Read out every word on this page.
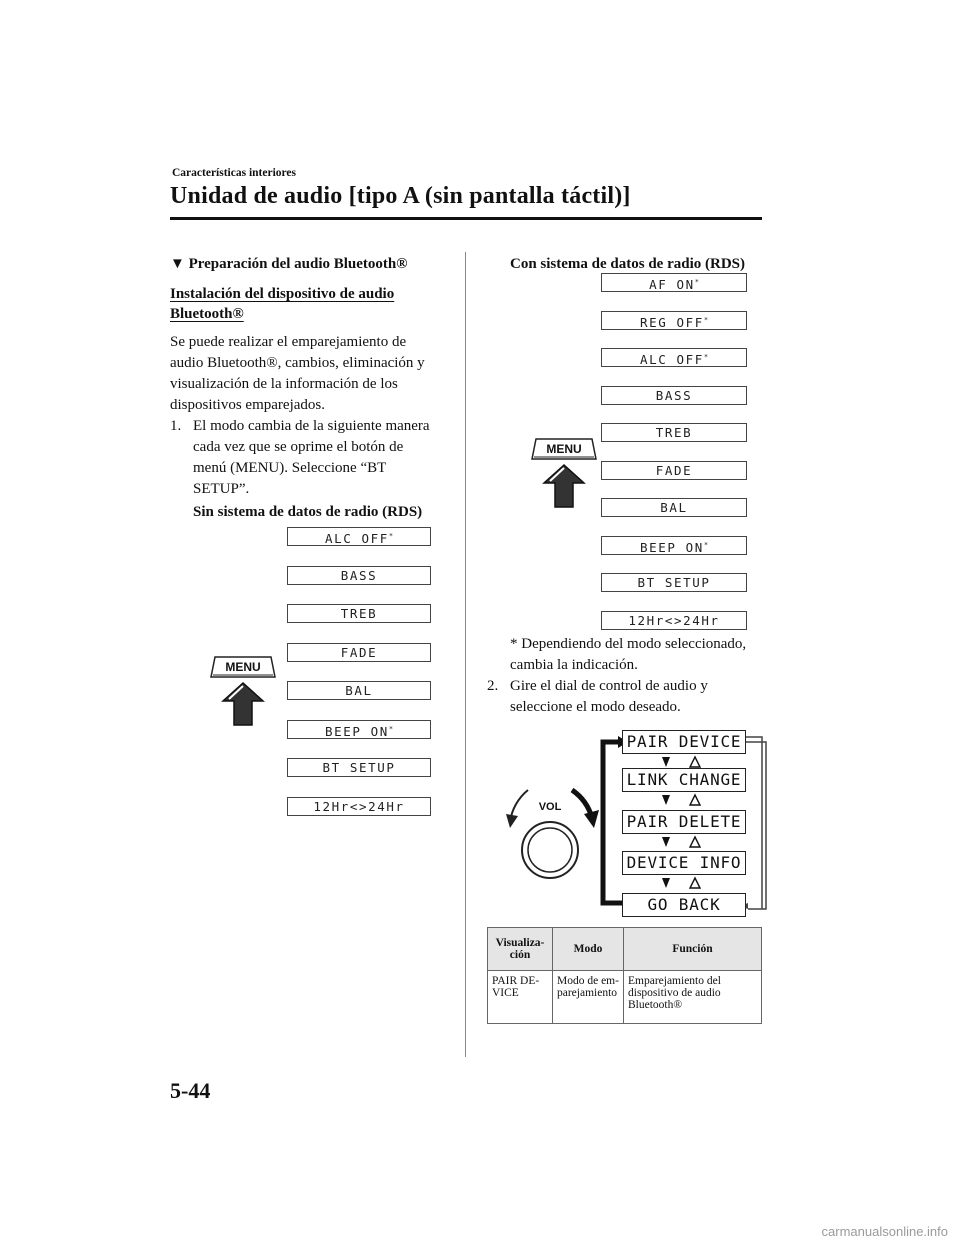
Características interiores
Unidad de audio [tipo A (sin pantalla táctil)]
▼ Preparación del audio Bluetooth®
Instalación del dispositivo de audio
Bluetooth®
Se puede realizar el emparejamiento de
audio Bluetooth®, cambios, eliminación y
visualización de la información de los
dispositivos emparejados.
1. El modo cambia de la siguiente manera
cada vez que se oprime el botón de
menú (MENU). Seleccione “BT
SETUP”.
Sin sistema de datos de radio (RDS)
MENU
Con sistema de datos de radio (RDS)
MENU
* Dependiendo del modo seleccionado,
cambia la indicación.
2. Gire el dial de control de audio y
seleccione el modo deseado.
VOL
Visualiza-ción	Modo	Función
PAIR DE-VICE	Modo de em-parejamiento	Emparejamiento del dispositivo de audio Bluetooth®
5-44
carmanualsonline.info
ALC OFF*
BASS
TREB
FADE
BAL
BEEP ON*
BT SETUP
12Hr<>24Hr
AF ON*
REG OFF*
ALC OFF*
BASS
TREB
FADE
BAL
BEEP ON*
BT SETUP
12Hr<>24Hr
PAIR DEVICE
LINK CHANGE
PAIR DELETE
DEVICE INFO
GO BACK
